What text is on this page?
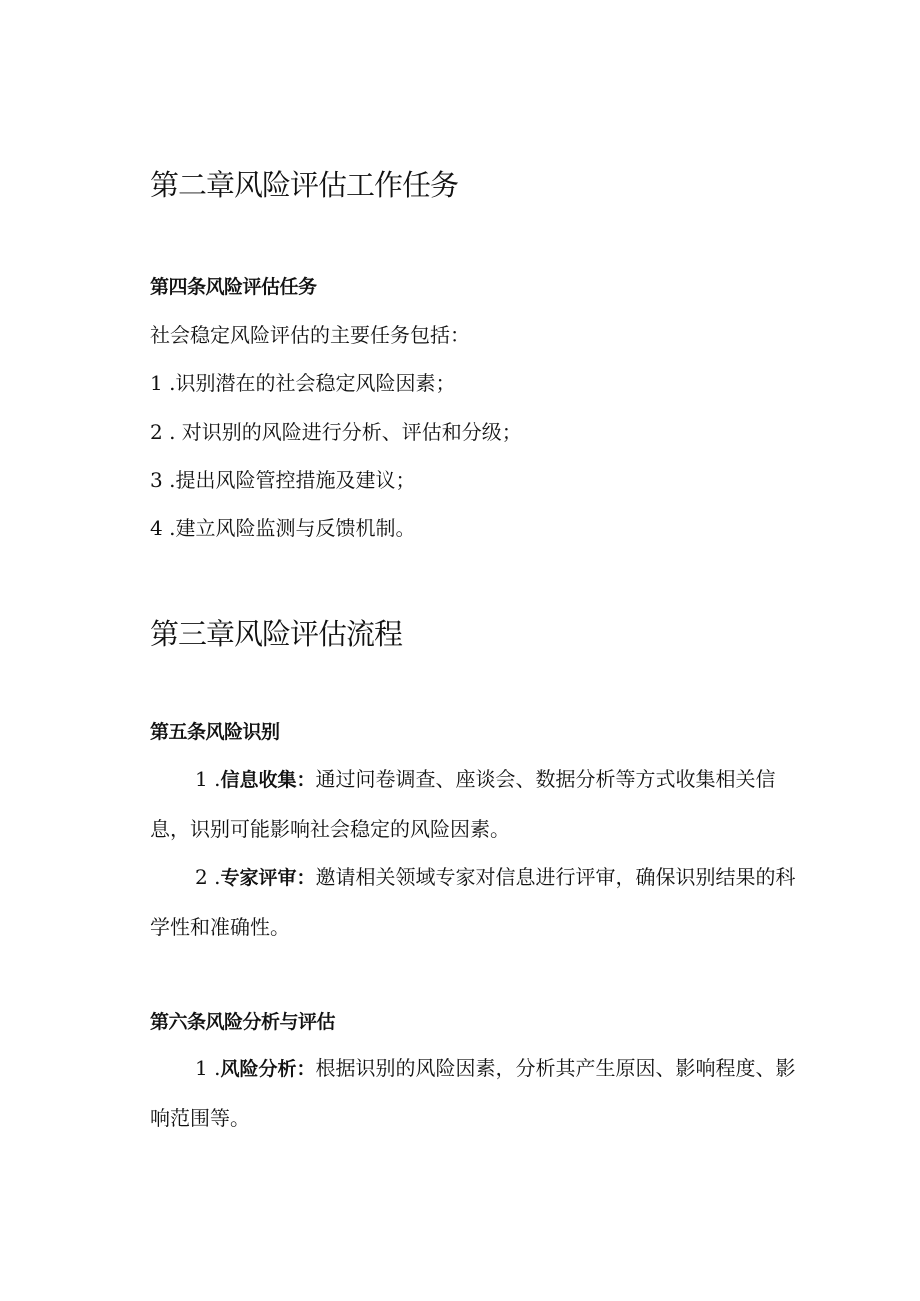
第二章风险评估工作任务
第四条风险评估任务

社会稳定风险评估的主要任务包括：

1 .识别潜在的社会稳定风险因素；

2 . 对识别的风险进行分析、评估和分级；

3 .提出风险管控措施及建议；

4 .建立风险监测与反馈机制。

第三章风险评估流程
第五条风险识别
1 .信息收集：通过问卷调查、座谈会、数据分析等方式收集相关信
息，识别可能影响社会稳定的风险因素。
2 .专家评审：邀请相关领域专家对信息进行评审，确保识别结果的科
学性和准确性。
第六条风险分析与评估
1 .风险分析：根据识别的风险因素，分析其产生原因、影响程度、影
响范围等。
